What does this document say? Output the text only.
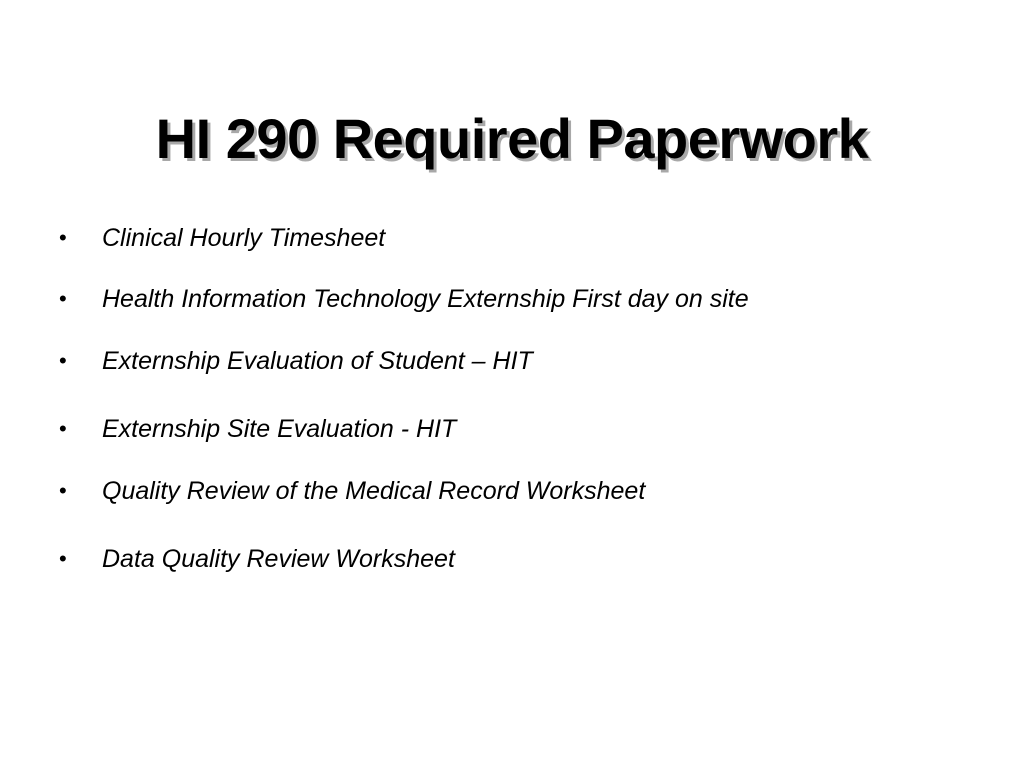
HI 290 Required Paperwork
• Clinical Hourly Timesheet
• Health Information Technology Externship First day on site
• Externship Evaluation of Student – HIT
• Externship Site Evaluation - HIT
• Quality Review of the Medical Record Worksheet
• Data Quality Review Worksheet
